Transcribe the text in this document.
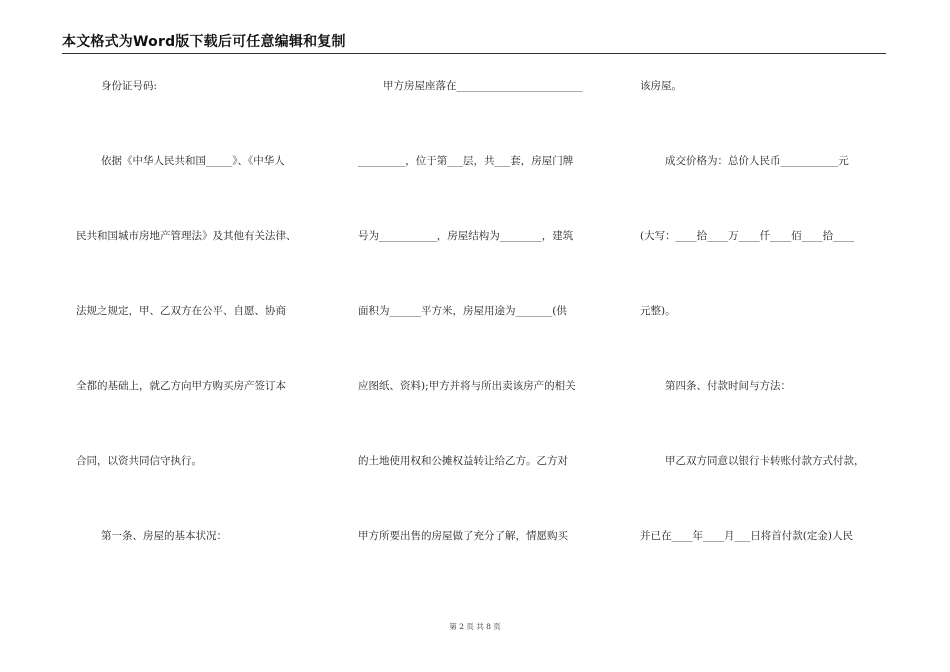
本文格式为Word版下载后可任意编辑和复制
身份证号码:
依据《中华人民共和国_____》、《中华人
民共和国城市房地产管理法》及其他有关法律、
法规之规定，甲、乙双方在公平、自愿、协商
全都的基础上，就乙方向甲方购买房产签订本
合同，以资共同信守执行。
第一条、房屋的基本状况：
甲方房屋座落在________________________
_________，位于第___层，共___套，房屋门牌
号为___________，房屋结构为________，建筑
面积为______平方米，房屋用途为_______(供
应图纸、资料);甲方并将与所出卖该房产的相关
的土地使用权和公摊权益转让给乙方。乙方对
甲方所要出售的房屋做了充分了解，情愿购买
该房屋。
成交价格为：总价人民币___________元
(大写：____拾____万____仟____佰____拾____
元整)。
第四条、付款时间与方法：
甲乙双方同意以银行卡转账付款方式付款，
并已在____年____月___日将首付款(定金)人民
第 2 页 共 8 页
